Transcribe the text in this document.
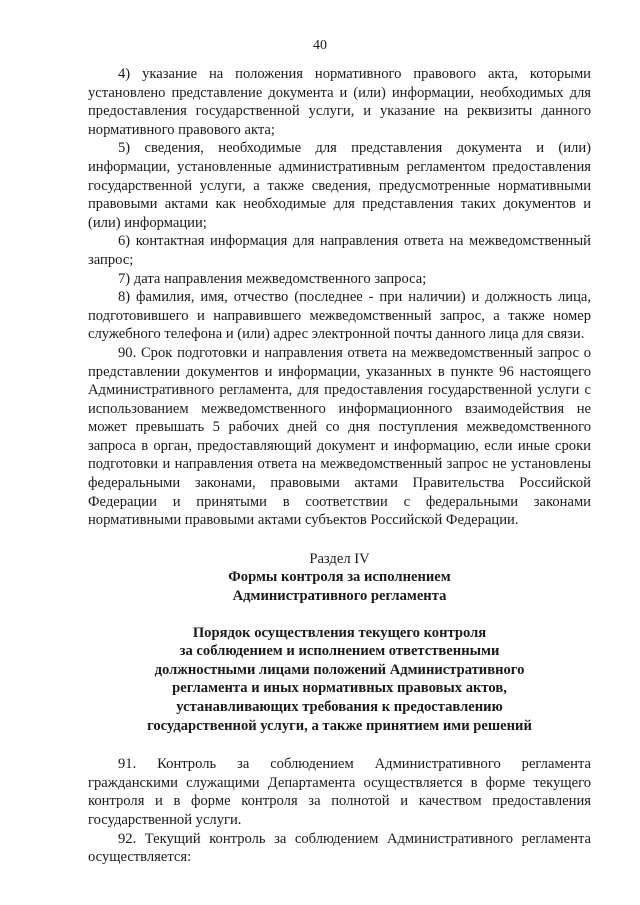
40

4) указание на положения нормативного правового акта, которыми установлено представление документа и (или) информации, необходимых для предоставления государственной услуги, и указание на реквизиты данного нормативного правового акта;

5) сведения, необходимые для представления документа и (или) информации, установленные административным регламентом предоставления государственной услуги, а также сведения, предусмотренные нормативными правовыми актами как необходимые для представления таких документов и (или) информации;

6) контактная информация для направления ответа на межведомственный запрос;

7) дата направления межведомственного запроса;

8) фамилия, имя, отчество (последнее - при наличии) и должность лица, подготовившего и направившего межведомственный запрос, а также номер служебного телефона и (или) адрес электронной почты данного лица для связи.

90. Срок подготовки и направления ответа на межведомственный запрос о представлении документов и информации, указанных в пункте 96 настоящего Административного регламента, для предоставления государственной услуги с использованием межведомственного информационного взаимодействия не может превышать 5 рабочих дней со дня поступления межведомственного запроса в орган, предоставляющий документ и информацию, если иные сроки подготовки и направления ответа на межведомственный запрос не установлены федеральными законами, правовыми актами Правительства Российской Федерации и принятыми в соответствии с федеральными законами нормативными правовыми актами субъектов Российской Федерации.

Раздел IV

Формы контроля за исполнением

Административного регламента

Порядок осуществления текущего контроля

за соблюдением и исполнением ответственными

должностными лицами положений Административного

регламента и иных нормативных правовых актов,

устанавливающих требования к предоставлению

государственной услуги, а также принятием ими решений

91. Контроль за соблюдением Административного регламента гражданскими служащими Департамента осуществляется в форме текущего контроля и в форме контроля за полнотой и качеством предоставления государственной услуги.

92. Текущий контроль за соблюдением Административного регламента осуществляется:
